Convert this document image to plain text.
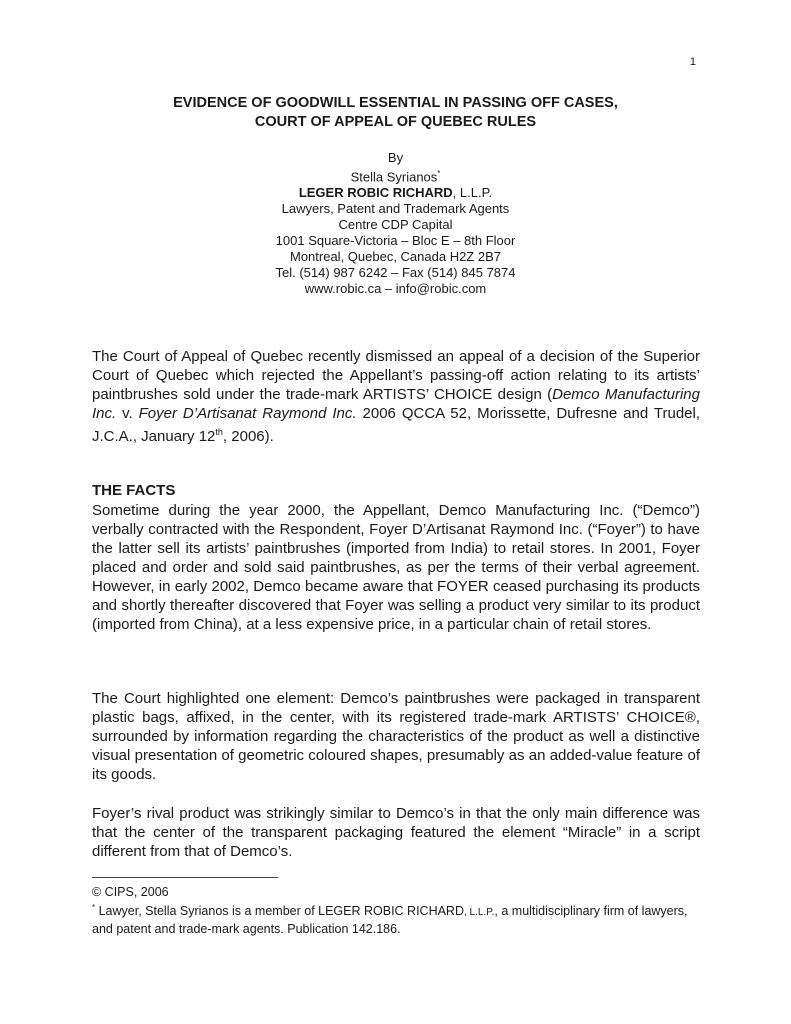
1
EVIDENCE OF GOODWILL ESSENTIAL IN PASSING OFF CASES,
COURT OF APPEAL OF QUEBEC RULES
By
Stella Syrianos*
LEGER ROBIC RICHARD, L.L.P.
Lawyers, Patent and Trademark Agents
Centre CDP Capital
1001 Square-Victoria – Bloc E – 8th Floor
Montreal, Quebec, Canada H2Z 2B7
Tel. (514) 987 6242 – Fax (514) 845 7874
www.robic.ca – info@robic.com
The Court of Appeal of Quebec recently dismissed an appeal of a decision of the Superior Court of Quebec which rejected the Appellant’s passing-off action relating to its artists’ paintbrushes sold under the trade-mark ARTISTS’ CHOICE design (Demco Manufacturing Inc. v. Foyer D’Artisanat Raymond Inc. 2006 QCCA 52, Morissette, Dufresne and Trudel, J.C.A., January 12th, 2006).
THE FACTS
Sometime during the year 2000, the Appellant, Demco Manufacturing Inc. (“Demco”) verbally contracted with the Respondent, Foyer D’Artisanat Raymond Inc. (“Foyer”) to have the latter sell its artists’ paintbrushes (imported from India) to retail stores. In 2001, Foyer placed and order and sold said paintbrushes, as per the terms of their verbal agreement. However, in early 2002, Demco became aware that FOYER ceased purchasing its products and shortly thereafter discovered that Foyer was selling a product very similar to its product (imported from China), at a less expensive price, in a particular chain of retail stores.
The Court highlighted one element: Demco’s paintbrushes were packaged in transparent plastic bags, affixed, in the center, with its registered trade-mark ARTISTS’ CHOICE®, surrounded by information regarding the characteristics of the product as well a distinctive visual presentation of geometric coloured shapes, presumably as an added-value feature of its goods.
Foyer’s rival product was strikingly similar to Demco’s in that the only main difference was that the center of the transparent packaging featured the element “Miracle” in a script different from that of Demco’s.
© CIPS, 2006
* Lawyer, Stella Syrianos is a member of LEGER ROBIC RICHARD, L.L.P., a multidisciplinary firm of lawyers, and patent and trade-mark agents. Publication 142.186.
